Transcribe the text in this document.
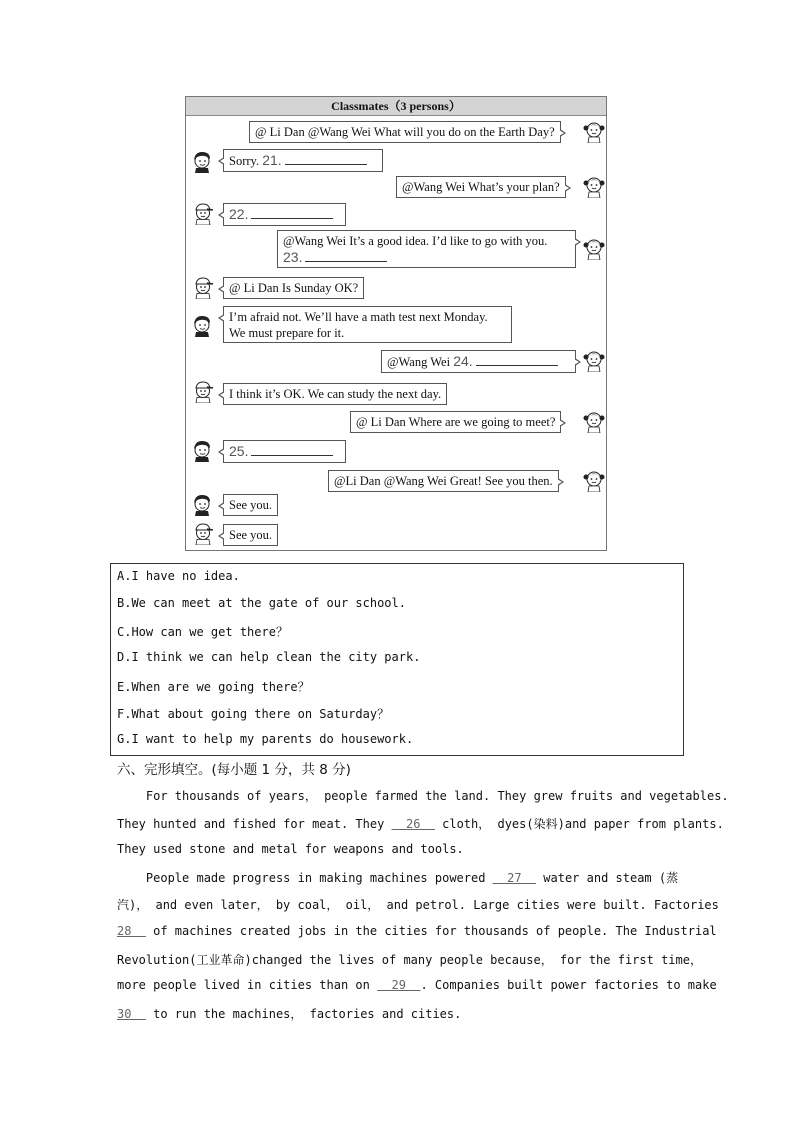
Classmates（3 persons）
@ Li Dan @Wang Wei What will you do on the Earth Day?
Sorry. 21.
@Wang Wei What’s your plan?
22.
@Wang Wei It’s a good idea. I’d like to go with you.
23.
@ Li Dan Is Sunday OK?
I’m afraid not. We’ll have a math test next Monday.
We must prepare for it.
@Wang Wei 24.
I think it’s OK. We can study the next day.
@ Li Dan Where are we going to meet?
25.
@Li Dan @Wang Wei Great! See you then.
See you.
See you.
A.I have no idea.
B.We can meet at the gate of our school.
C.How can we get there？
D.I think we can help clean the city park.
E.When are we going there？
F.What about going there on Saturday？
G.I want to help my parents do housework.
六、完形填空。(每小题 1 分，共 8 分)
For thousands of years， people farmed the land. They grew fruits and vegetables.
They hunted and fished for meat. They   26   cloth， dyes(染料)and paper from plants.
They used stone and metal for weapons and tools.
People made progress in making machines powered   27   water and steam (蒸
汽)， and even later， by coal， oil， and petrol. Large cities were built. Factories
28   of machines created jobs in the cities for thousands of people. The Industrial
Revolution(工业革命)changed the lives of many people because， for the first time，
more people lived in cities than on   29  . Companies built power factories to make
30   to run the machines， factories and cities.
